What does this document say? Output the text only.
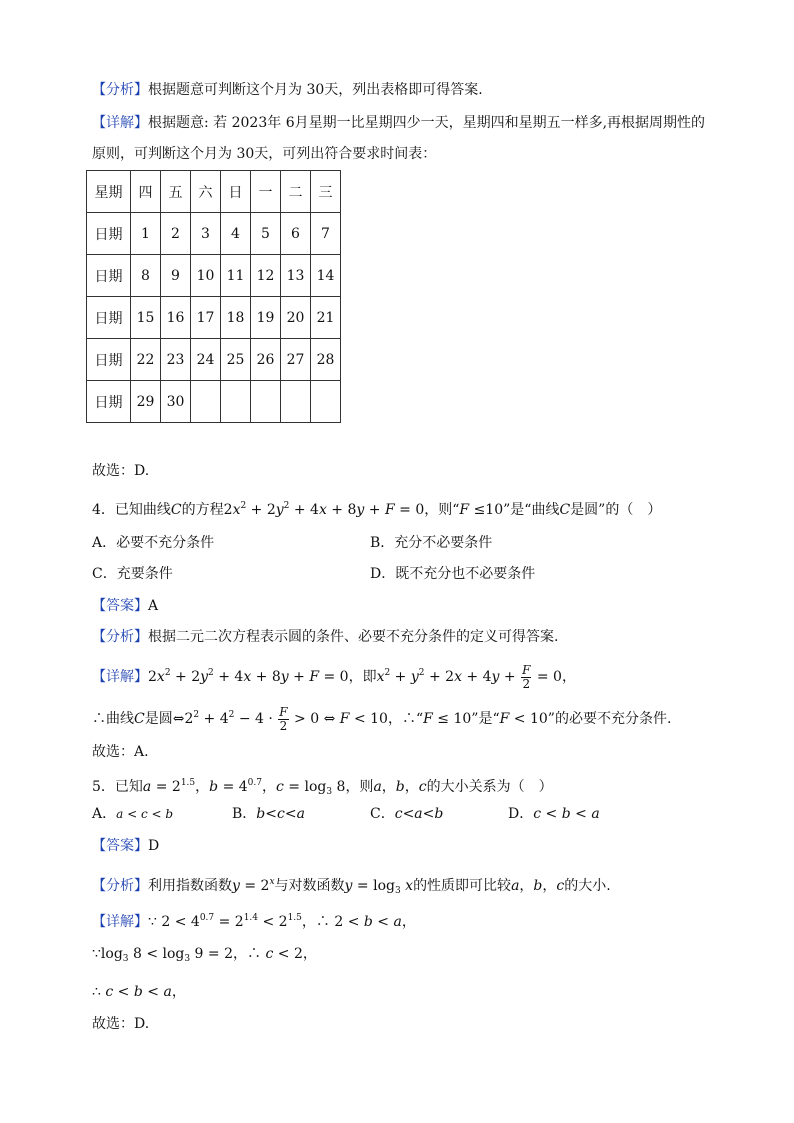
【分析】根据题意可判断这个月为 30天，列出表格即可得答案.
【详解】根据题意: 若 2023年 6月星期一比星期四少一天，星期四和星期五一样多,再根据周期性的
原则，可判断这个月为 30天，可列出符合要求时间表：
星期	四	五	六	日	一	二	三
日期	1	2	3	4	5	6	7
日期	8	9	10	11	12	13	14
日期	15	16	17	18	19	20	21
日期	22	23	24	25	26	27	28
日期	29	30					
故选：D.
4．已知曲线C的方程$2x^2 + 2y^2 + 4x + 8y + F = 0$，则“F ≤10”是“曲线C是圆”的（　）
A．必要不充分条件	B．充分不必要条件
C．充要条件	D．既不充分也不必要条件
【答案】A
【分析】根据二元二次方程表示圆的条件、必要不充分条件的定义可得答案.
【详解】$2x^2 + 2y^2 + 4x + 8y + F = 0$，即$x^2 + y^2 + 2x + 4y + \frac{F}{2} = 0$，
∴曲线C是圆$\Leftrightarrow 2^2 + 4^2 - 4 \cdot \frac{F}{2} > 0$ ⇔ F < 10，∴“F ≤ 10”是“F < 10”的必要不充分条件.
故选：A.
5．已知$a = 2^{1.5}$，$b = 4^{0.7}$，$c = \log_3 8$，则a，b，c的大小关系为（　）
A．a < c < b	B．b<c<a	C．c<a<b	D．c < b < a
【答案】D
【分析】利用指数函数$y = 2^x$与对数函数$y = \log_3 x$的性质即可比较a，b，c的大小.
【详解】∵ $2 < 4^{0.7} = 2^{1.4} < 2^{1.5}$，∴ 2 < b < a，
$\because\log_3$ $8 < \log_3 9 = 2$，∴ c < 2，
∴ c < b < a，
故选：D.
